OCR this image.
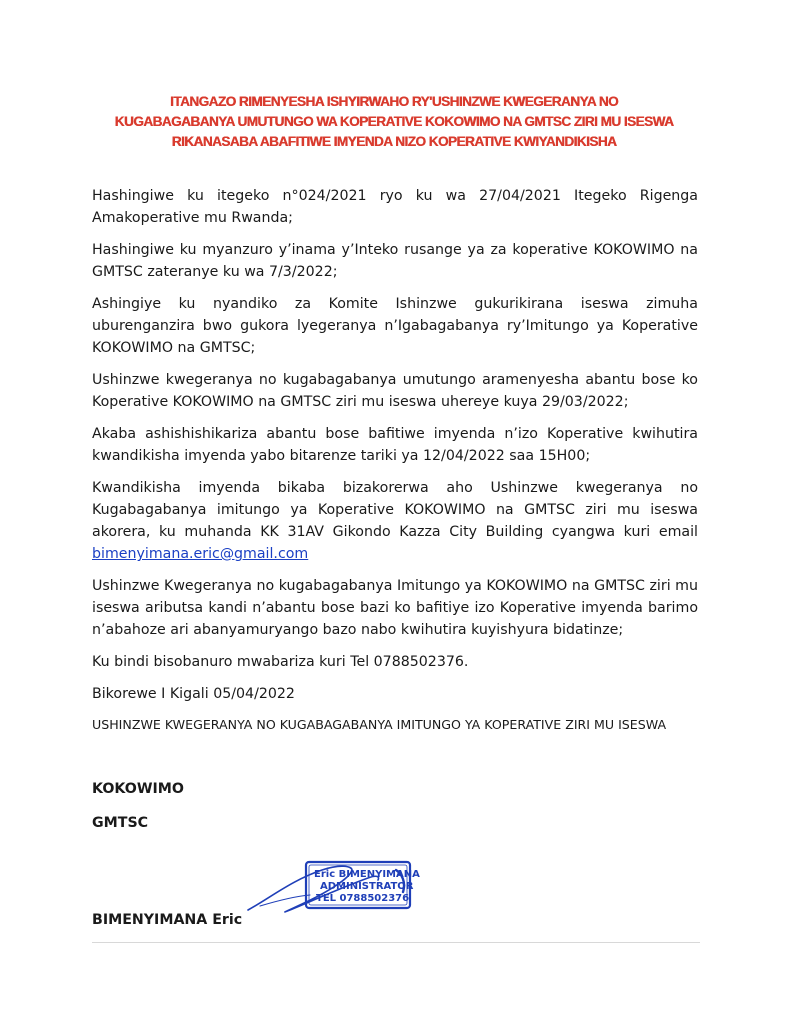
ITANGAZO RIMENYESHA ISHYIRWAHO RY'USHINZWE KWEGERANYA NO
KUGABAGABANYA UMUTUNGO WA KOPERATIVE KOKOWIMO NA GMTSC ZIRI MU ISESWA
RIKANASABA ABAFITIWE IMYENDA NIZO KOPERATIVE KWIYANDIKISHA

Hashingiwe ku itegeko n°024/2021 ryo ku wa 27/04/2021 Itegeko Rigenga Amakoperative mu Rwanda;

Hashingiwe ku myanzuro y’inama y’Inteko rusange ya za koperative KOKOWIMO na GMTSC zateranye ku wa 7/3/2022;

Ashingiye ku nyandiko za Komite Ishinzwe gukurikirana iseswa zimuha uburenganzira bwo gukora lyegeranya n’Igabagabanya ry’Imitungo ya Koperative KOKOWIMO na GMTSC;

Ushinzwe kwegeranya no kugabagabanya umutungo aramenyesha abantu bose ko Koperative KOKOWIMO na GMTSC ziri mu iseswa uhereye kuya 29/03/2022;

Akaba ashishishikariza abantu bose bafitiwe imyenda n’izo Koperative kwihutira kwandikisha imyenda yabo bitarenze tariki ya 12/04/2022 saa 15H00;

Kwandikisha imyenda bikaba bizakorerwa aho Ushinzwe kwegeranya no Kugabagabanya imitungo ya Koperative KOKOWIMO na GMTSC ziri mu iseswa akorera, ku muhanda KK 31AV Gikondo Kazza City Building cyangwa kuri email bimenyimana.eric@gmail.com

Ushinzwe Kwegeranya no kugabagabanya Imitungo ya KOKOWIMO na GMTSC ziri mu iseswa aributsa kandi n’abantu bose bazi ko bafitiye izo Koperative imyenda barimo n’abahoze ari abanyamuryango bazo nabo kwihutira kuyishyura bidatinze;

Ku bindi bisobanuro mwabariza kuri Tel 0788502376.

Bikorewe I Kigali 05/04/2022

USHINZWE KWEGERANYA NO KUGABAGABANYA IMITUNGO YA KOPERATIVE ZIRI MU ISESWA

KOKOWIMO

GMTSC

Eric BIMENYIMANA
ADMINISTRATOR
TEL 0788502376

BIMENYIMANA Eric
